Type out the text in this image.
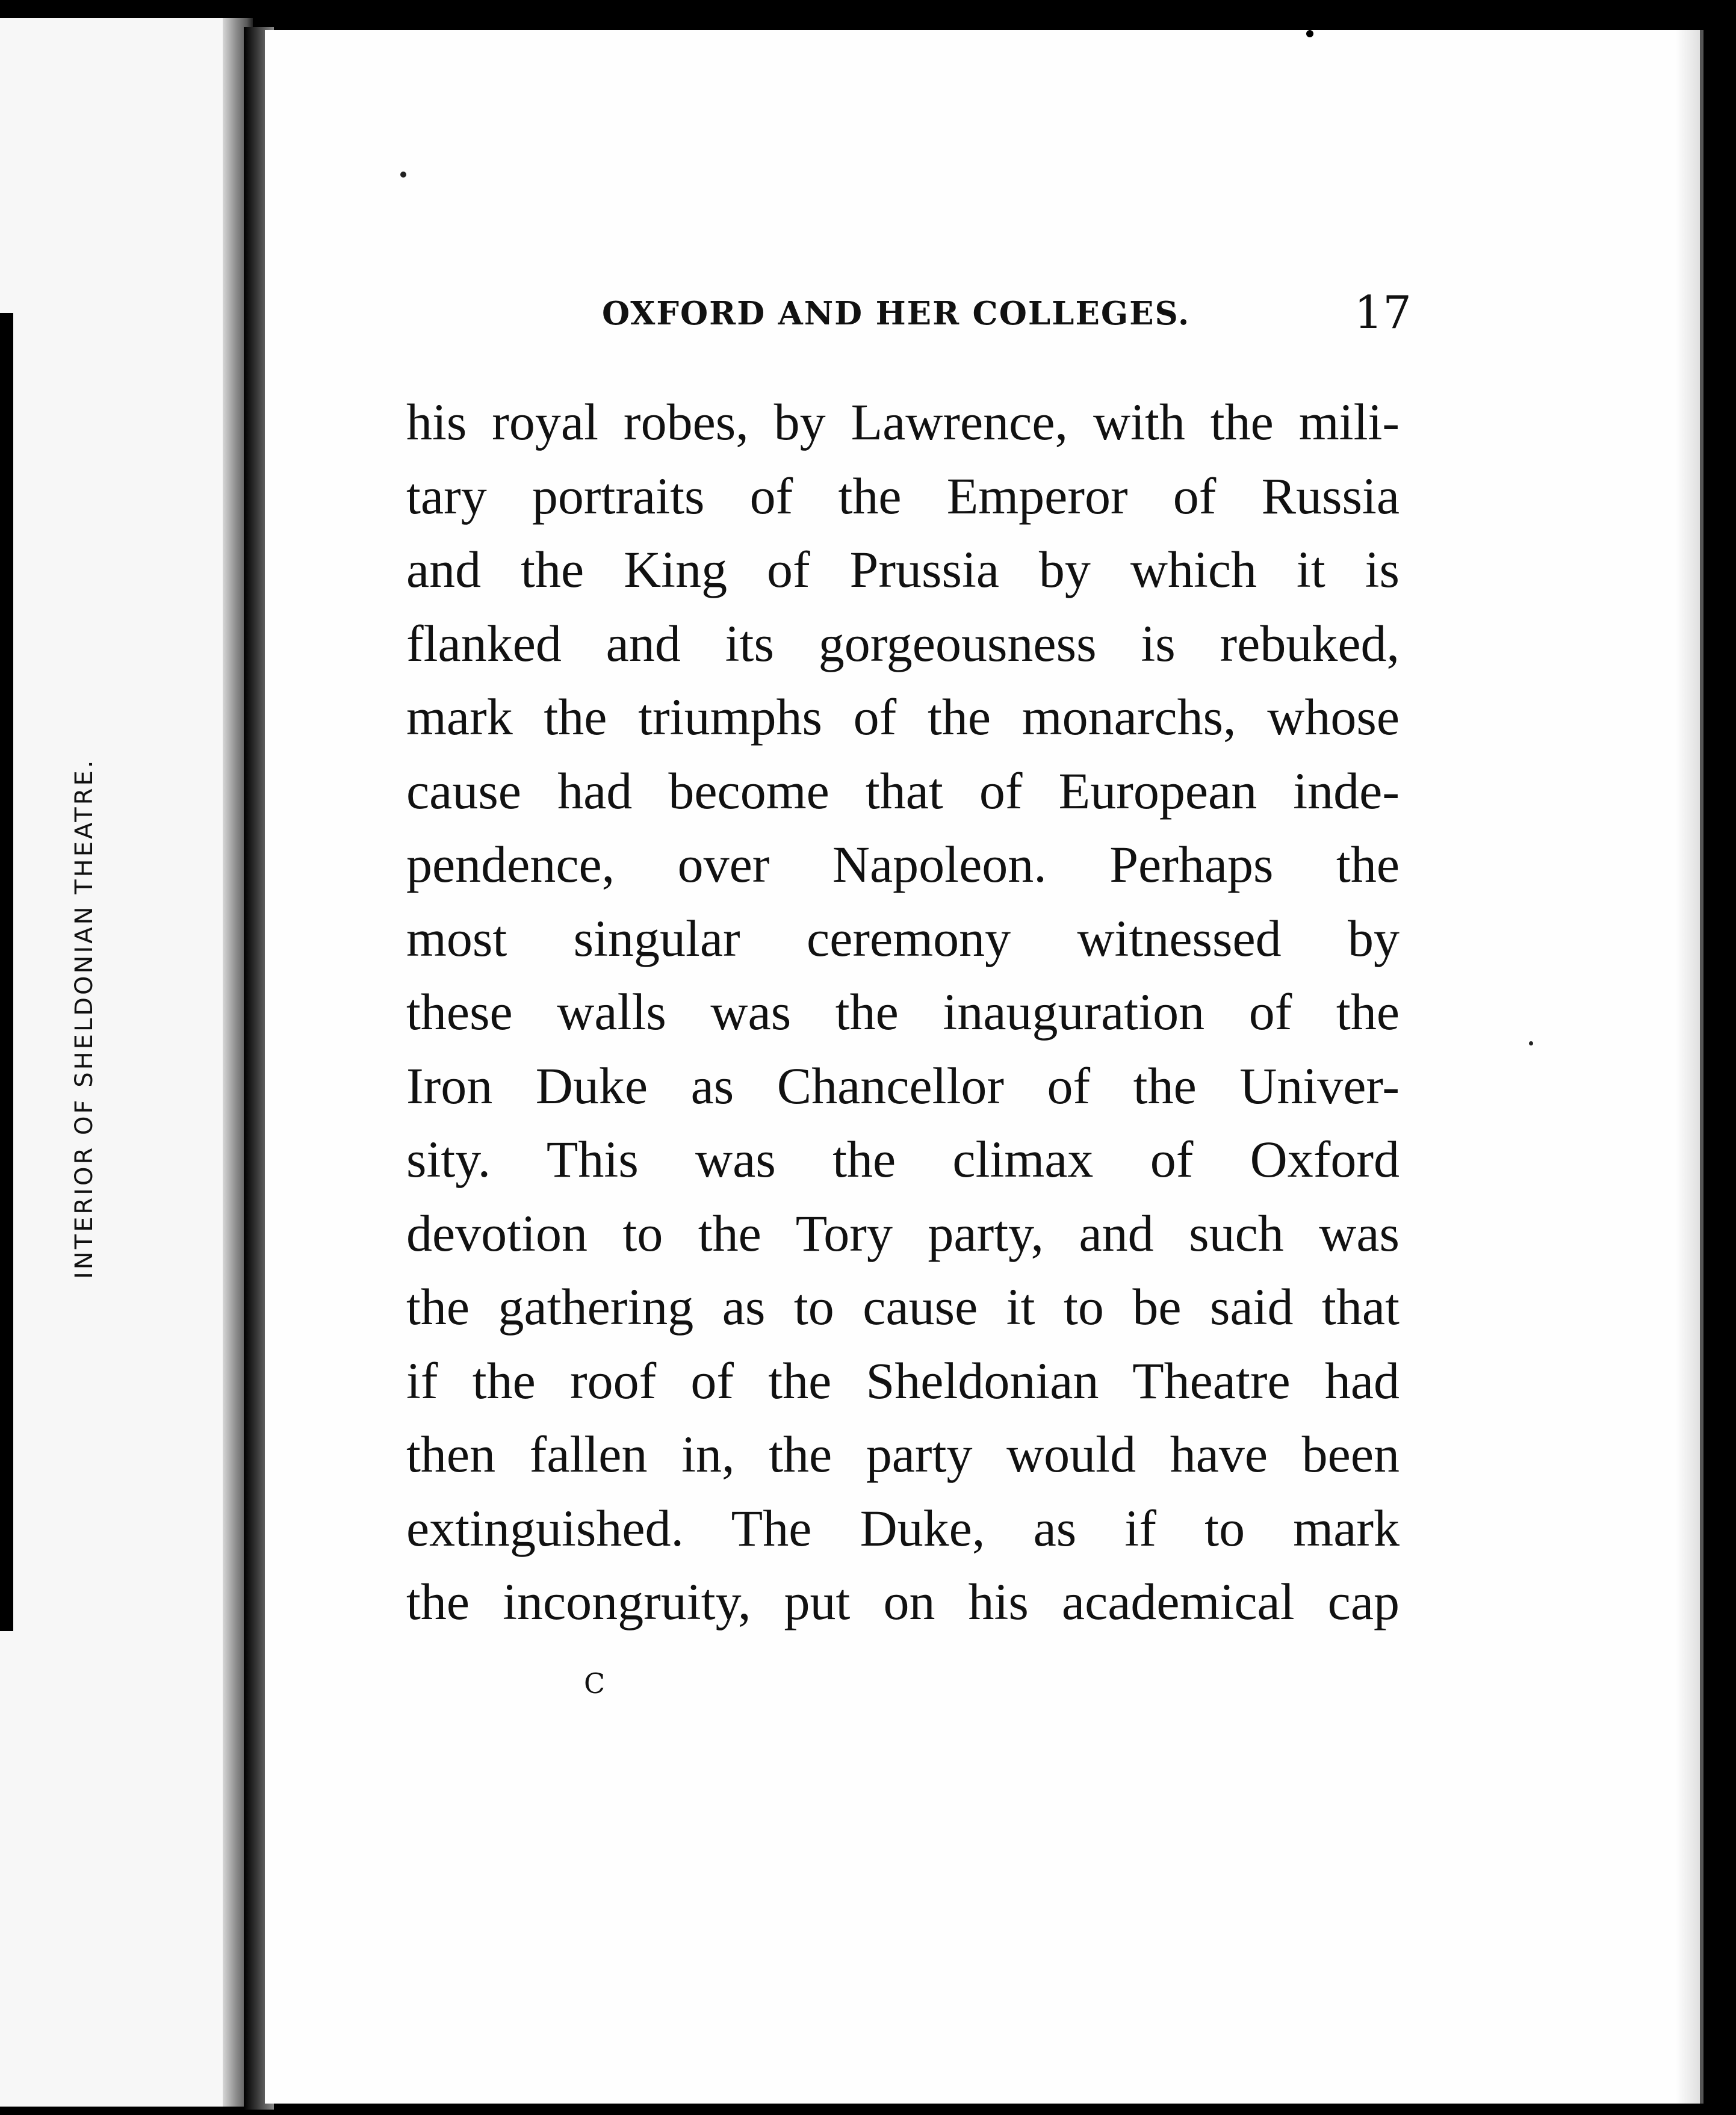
INTERIOR OF SHELDONIAN THEATRE.
OXFORD AND HER COLLEGES.	17
his royal robes, by Lawrence, with the mili-
tary portraits of the Emperor of Russia
and the King of Prussia by which it is
flanked and its gorgeousness is rebuked,
mark the triumphs of the monarchs, whose
cause had become that of European inde-
pendence, over Napoleon. Perhaps the
most singular ceremony witnessed by
these walls was the inauguration of the
Iron Duke as Chancellor of the Univer-
sity. This was the climax of Oxford
devotion to the Tory party, and such was
the gathering as to cause it to be said that
if the roof of the Sheldonian Theatre had
then fallen in, the party would have been
extinguished. The Duke, as if to mark
the incongruity, put on his academical cap
C
